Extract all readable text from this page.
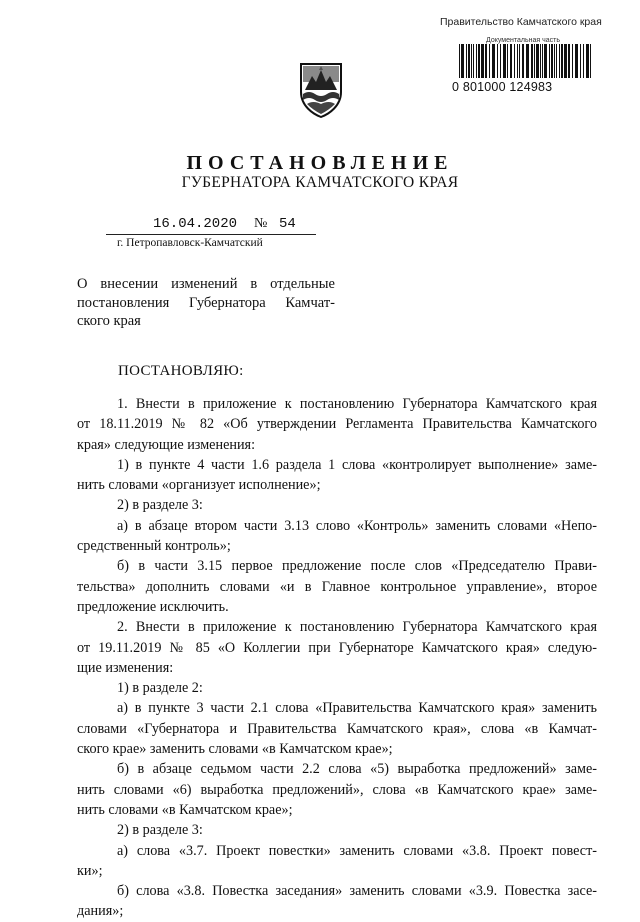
Правительство Камчатского края
Документальная часть
0 801000 124983
ПОСТАНОВЛЕНИЕ
ГУБЕРНАТОРА КАМЧАТСКОГО КРАЯ
16.04.2020 № 54
г. Петропавловск-Камчатский
О внесении изменений в отдельные
постановления Губернатора Камчат-
ского края
ПОСТАНОВЛЯЮ:
1. Внести в приложение к постановлению Губернатора Камчатского края
от 18.11.2019 № 82 «Об утверждении Регламента Правительства Камчатского
края» следующие изменения:
1) в пункте 4 части 1.6 раздела 1 слова «контролирует выполнение» заме-
нить словами «организует исполнение»;
2) в разделе 3:
а) в абзаце втором части 3.13 слово «Контроль» заменить словами «Непо-
средственный контроль»;
б) в части 3.15 первое предложение после слов «Председателю Прави-
тельства» дополнить словами «и в Главное контрольное управление», второе
предложение исключить.
2. Внести в приложение к постановлению Губернатора Камчатского края
от 19.11.2019 № 85 «О Коллегии при Губернаторе Камчатского края» следую-
щие изменения:
1) в разделе 2:
а) в пункте 3 части 2.1 слова «Правительства Камчатского края» заменить
словами «Губернатора и Правительства Камчатского края», слова «в Камчат-
ского крае» заменить словами «в Камчатском крае»;
б) в абзаце седьмом части 2.2 слова «5) выработка предложений» заме-
нить словами «6) выработка предложений», слова «в Камчатского крае» заме-
нить словами «в Камчатском крае»;
2) в разделе 3:
а) слова «3.7. Проект повестки» заменить словами «3.8. Проект повест-
ки»;
б) слова «3.8. Повестка заседания» заменить словами «3.9. Повестка засе-
дания»;
